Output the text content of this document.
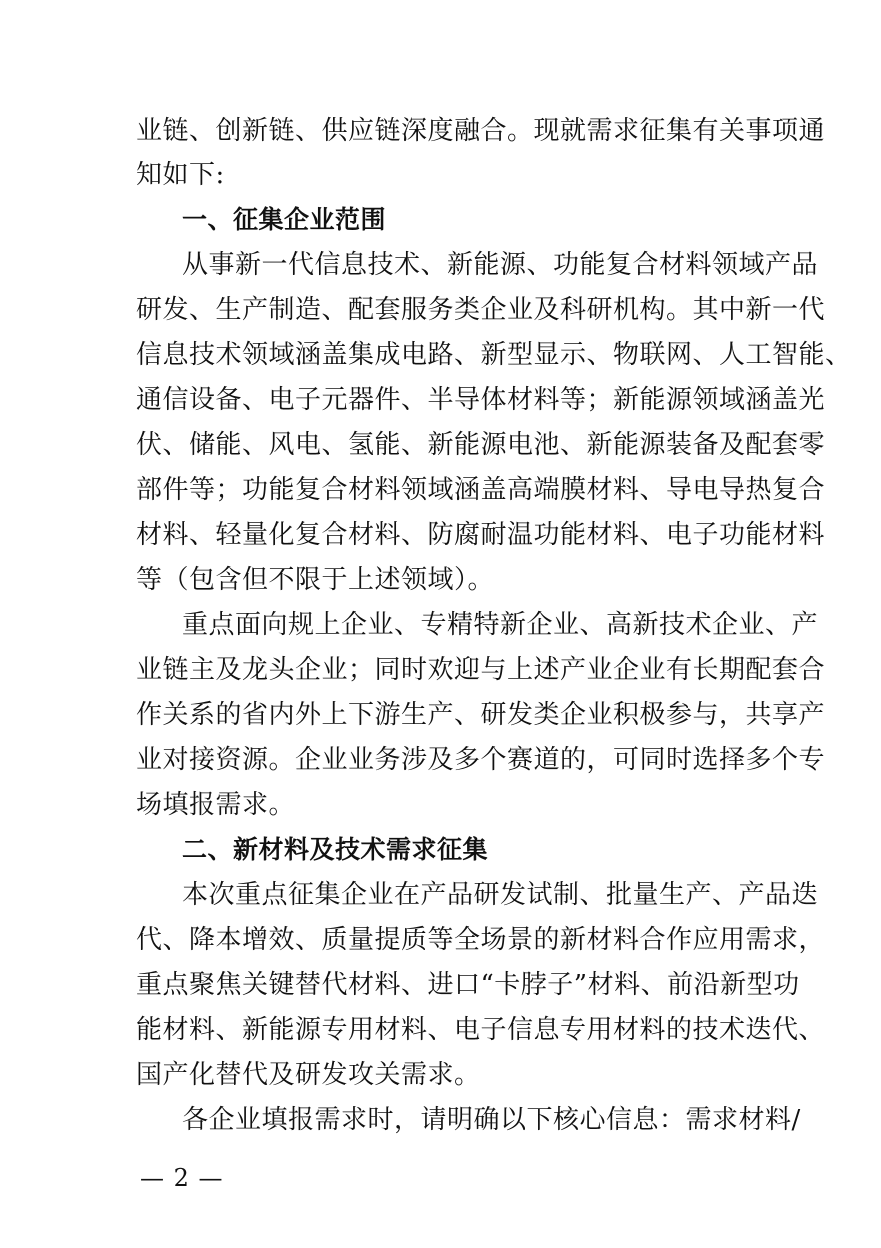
业链、创新链、供应链深度融合。现就需求征集有关事项通
知如下:
一、征集企业范围
从事新一代信息技术、新能源、功能复合材料领域产品
研发、生产制造、配套服务类企业及科研机构。其中新一代
信息技术领域涵盖集成电路、新型显示、物联网、人工智能、
通信设备、电子元器件、半导体材料等；新能源领域涵盖光
伏、储能、风电、氢能、新能源电池、新能源装备及配套零
部件等；功能复合材料领域涵盖高端膜材料、导电导热复合
材料、轻量化复合材料、防腐耐温功能材料、电子功能材料
等（包含但不限于上述领域）。
重点面向规上企业、专精特新企业、高新技术企业、产
业链主及龙头企业；同时欢迎与上述产业企业有长期配套合
作关系的省内外上下游生产、研发类企业积极参与，共享产
业对接资源。企业业务涉及多个赛道的，可同时选择多个专
场填报需求。
二、新材料及技术需求征集
本次重点征集企业在产品研发试制、批量生产、产品迭
代、降本增效、质量提质等全场景的新材料合作应用需求，
重点聚焦关键替代材料、进口“卡脖子”材料、前沿新型功
能材料、新能源专用材料、电子信息专用材料的技术迭代、
国产化替代及研发攻关需求。
各企业填报需求时，请明确以下核心信息：需求材料/
— 2 —
